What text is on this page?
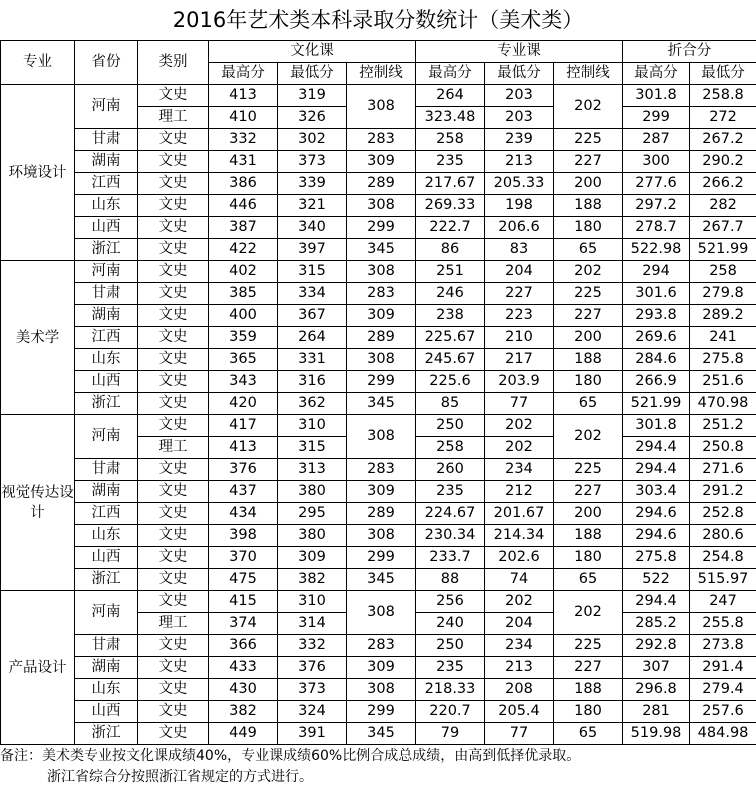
2016年艺术类本科录取分数统计（美术类）
专业	省份	类别	文化课			专业课			折合分	
			最高分	最低分	控制线	最高分	最低分	控制线	最高分	最低分
环境设计	河南	文史	413	319	308	264	203	202	301.8	258.8
		理工	410	326		323.48	203		299	272
	甘肃	文史	332	302	283	258	239	225	287	267.2
	湖南	文史	431	373	309	235	213	227	300	290.2
	江西	文史	386	339	289	217.67	205.33	200	277.6	266.2
	山东	文史	446	321	308	269.33	198	188	297.2	282
	山西	文史	387	340	299	222.7	206.6	180	278.7	267.7
	浙江	文史	422	397	345	86	83	65	522.98	521.99
美术学	河南	文史	402	315	308	251	204	202	294	258
	甘肃	文史	385	334	283	246	227	225	301.6	279.8
	湖南	文史	400	367	309	238	223	227	293.8	289.2
	江西	文史	359	264	289	225.67	210	200	269.6	241
	山东	文史	365	331	308	245.67	217	188	284.6	275.8
	山西	文史	343	316	299	225.6	203.9	180	266.9	251.6
	浙江	文史	420	362	345	85	77	65	521.99	470.98
视觉传达设计	河南	文史	417	310	308	250	202	202	301.8	251.2
		理工	413	315		258	202		294.4	250.8
	甘肃	文史	376	313	283	260	234	225	294.4	271.6
	湖南	文史	437	380	309	235	212	227	303.4	291.2
	江西	文史	434	295	289	224.67	201.67	200	294.6	252.8
	山东	文史	398	380	308	230.34	214.34	188	294.6	280.6
	山西	文史	370	309	299	233.7	202.6	180	275.8	254.8
	浙江	文史	475	382	345	88	74	65	522	515.97
产品设计	河南	文史	415	310	308	256	202	202	294.4	247
		理工	374	314		240	204		285.2	255.8
	甘肃	文史	366	332	283	250	234	225	292.8	273.8
	湖南	文史	433	376	309	235	213	227	307	291.4
	山东	文史	430	373	308	218.33	208	188	296.8	279.4
	山西	文史	382	324	299	220.7	205.4	180	281	257.6
	浙江	文史	449	391	345	79	77	65	519.98	484.98
备注：美术类专业按文化课成绩40%，专业课成绩60%比例合成总成绩，由高到低择优录取。
浙江省综合分按照浙江省规定的方式进行。
